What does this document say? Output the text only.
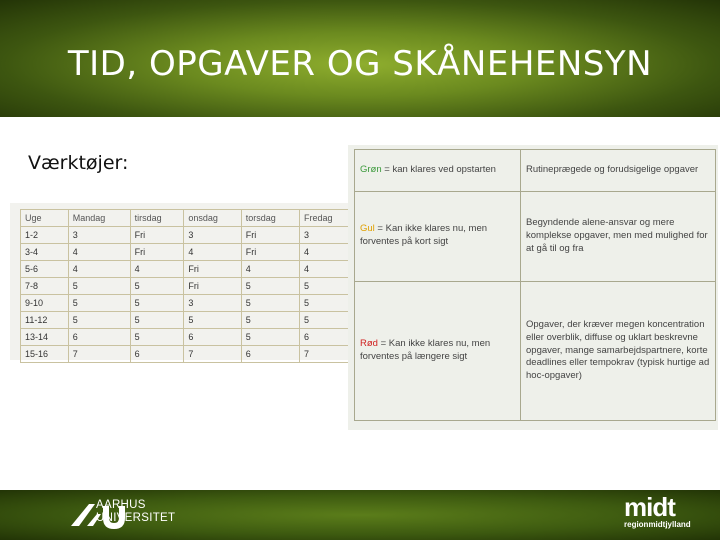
TID, OPGAVER OG SKÅNEHENSYN
Værktøjer:
Uge	Mandag	tirsdag	onsdag	torsdag	Fredag
1-2	3	Fri	3	Fri	3
3-4	4	Fri	4	Fri	4
5-6	4	4	Fri	4	4
7-8	5	5	Fri	5	5
9-10	5	5	3	5	5
11-12	5	5	5	5	5
13-14	6	5	6	5	6
15-16	7	6	7	6	7
Grøn = kan klares ved opstarten	Rutineprægede og forudsigelige opgaver
Gul = Kan ikke klares nu, men forventes på kort sigt	Begyndende alene-ansvar og mere komplekse opgaver, men med mulighed for at gå til og fra
Rød = Kan ikke klares nu, men forventes på længere sigt	Opgaver, der kræver megen koncentration eller overblik, diffuse og uklart beskrevne opgaver, mange samarbejdspartnere, korte deadlines eller tempokrav (typisk hurtige ad hoc-opgaver)
AARHUS
UNIVERSITET	midt
regionmidtjylland
